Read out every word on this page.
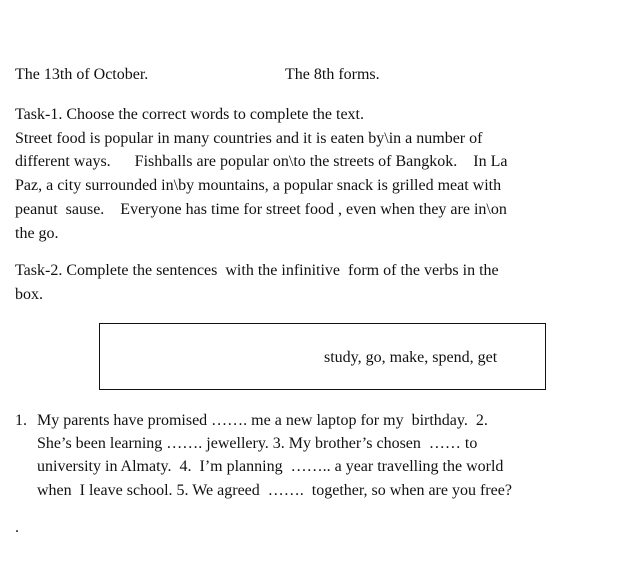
The 13th of October.	The 8th forms.
Task-1. Choose the correct words to complete the text.
Street food is popular in many countries and it is eaten by\in a number of
different ways.      Fishballs are popular on\to the streets of Bangkok.    In La
Paz, a city surrounded in\by mountains, a popular snack is grilled meat with
peanut  sause.    Everyone has time for street food , even when they are in\on
the go.
Task-2. Complete the sentences  with the infinitive  form of the verbs in the
box.
study, go, make, spend, get
1. My parents have promised ……. me a new laptop for my  birthday.  2.
She’s been learning ……. jewellery. 3. My brother’s chosen  …… to
university in Almaty.  4.  I’m planning  …….. a year travelling the world
when  I leave school. 5. We agreed  …….  together, so when are you free?
.
